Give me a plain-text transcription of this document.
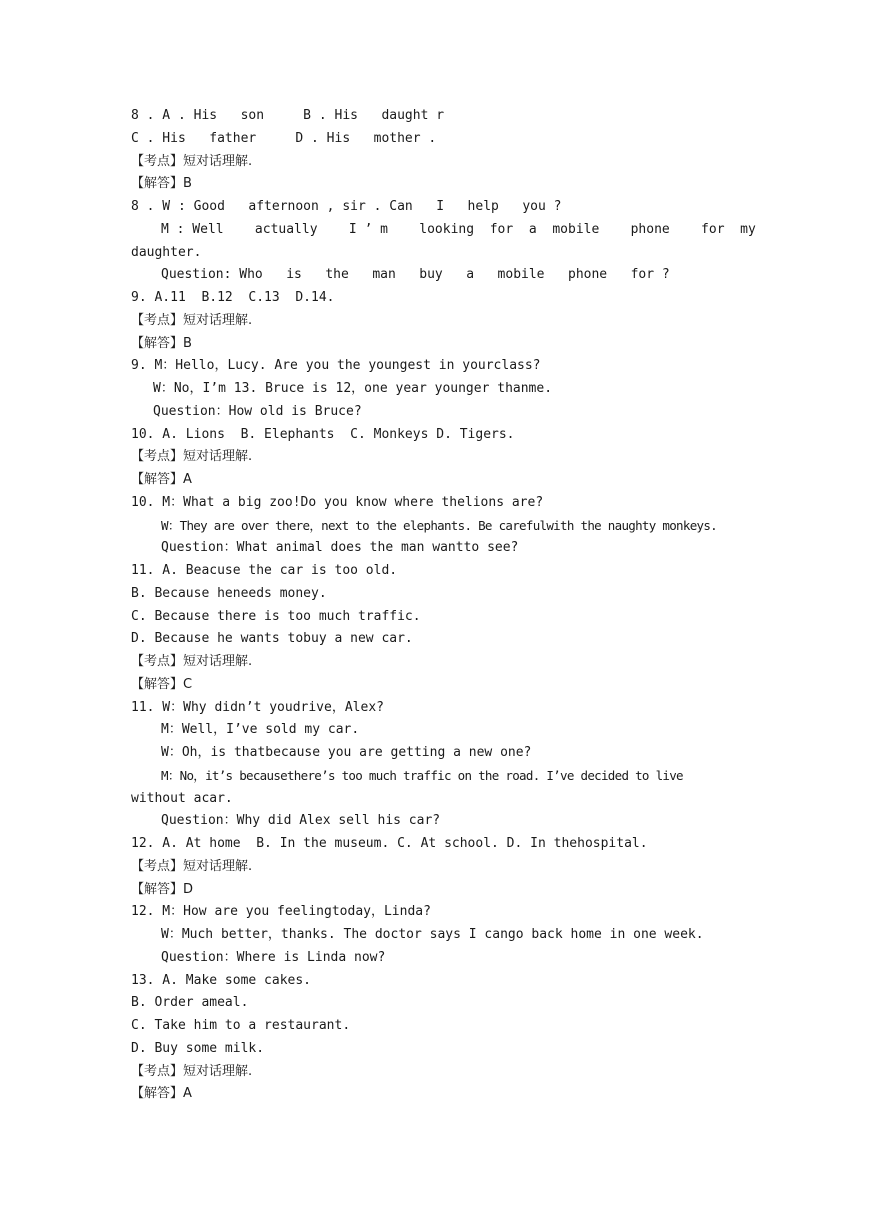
8 . A . His   son     B . His   daught r
C . His   father     D . His   mother .
【考点】短对话理解.
【解答】B
8 . W : Good   afternoon , sir . Can   I   help   you ?
M : Well    actually    I ’ m    looking  for  a  mobile    phone    for  my
daughter.
Question: Who   is   the   man   buy   a   mobile   phone   for ?
9. A.11  B.12  C.13  D.14.
【考点】短对话理解.
【解答】B
9. M：Hello，Lucy. Are you the youngest in yourclass?
W：No，I’m 13. Bruce is 12，one year younger thanme.
Question：How old is Bruce?
10. A. Lions  B. Elephants  C. Monkeys D. Tigers.
【考点】短对话理解.
【解答】A
10. M：What a big zoo!Do you know where thelions are?
W：They are over there，next to the elephants. Be carefulwith the naughty monkeys.
Question：What animal does the man wantto see?
11. A. Beacuse the car is too old.
B. Because heneeds money.
C. Because there is too much traffic.
D. Because he wants tobuy a new car.
【考点】短对话理解.
【解答】C
11. W：Why didn’t youdrive，Alex?
M：Well，I’ve sold my car.
W：Oh，is thatbecause you are getting a new one?
M：No，it’s becausethere’s too much traffic on the road. I’ve decided to live
without acar.
Question：Why did Alex sell his car?
12. A. At home  B. In the museum. C. At school. D. In thehospital.
【考点】短对话理解.
【解答】D
12. M：How are you feelingtoday，Linda?
W：Much better，thanks. The doctor says I cango back home in one week.
Question：Where is Linda now?
13. A. Make some cakes.
B. Order ameal.
C. Take him to a restaurant.
D. Buy some milk.
【考点】短对话理解.
【解答】A
